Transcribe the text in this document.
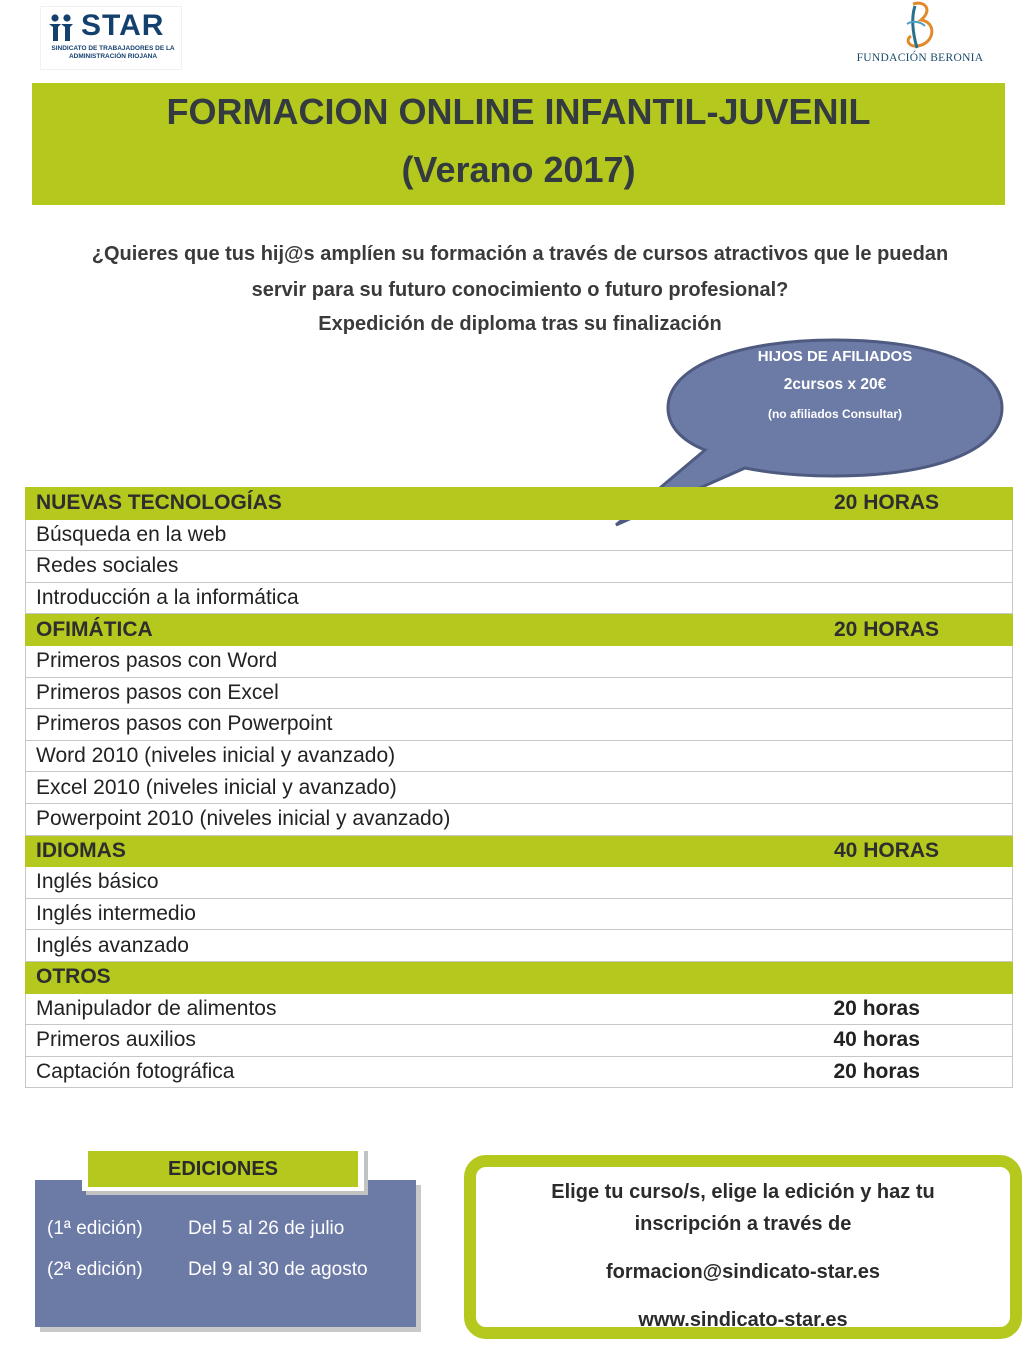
STAR
SINDICATO DE TRABAJADORES DE LA ADMINISTRACIÓN RIOJANA	FUNDACIÓN BERONIA
FORMACION ONLINE INFANTIL-JUVENIL
(Verano 2017)
¿Quieres que tus hij@s amplíen su formación a través de cursos atractivos que le puedan
servir para su futuro conocimiento o futuro profesional?
Expedición de diploma tras su finalización
HIJOS DE AFILIADOS
2cursos x 20€
(no afiliados Consultar)
NUEVAS TECNOLOGÍAS	20 HORAS
Búsqueda en la web	
Redes sociales	
Introducción a la informática	
OFIMÁTICA	20 HORAS
Primeros pasos con Word	
Primeros pasos con Excel	
Primeros pasos con Powerpoint	
Word 2010 (niveles inicial y avanzado)	
Excel 2010 (niveles inicial y avanzado)	
Powerpoint 2010 (niveles inicial y avanzado)	
IDIOMAS	40 HORAS
Inglés básico	
Inglés intermedio	
Inglés avanzado	
OTROS	
Manipulador de alimentos	20 horas
Primeros auxilios	40 horas
Captación fotográfica	20 horas
(1ª edición) Del 5 al 26 de julio
(2ª edición) Del 9 al 30 de agosto
EDICIONES
Elige tu curso/s, elige la edición y haz tu
inscripción a través de
formacion@sindicato-star.es
www.sindicato-star.es
